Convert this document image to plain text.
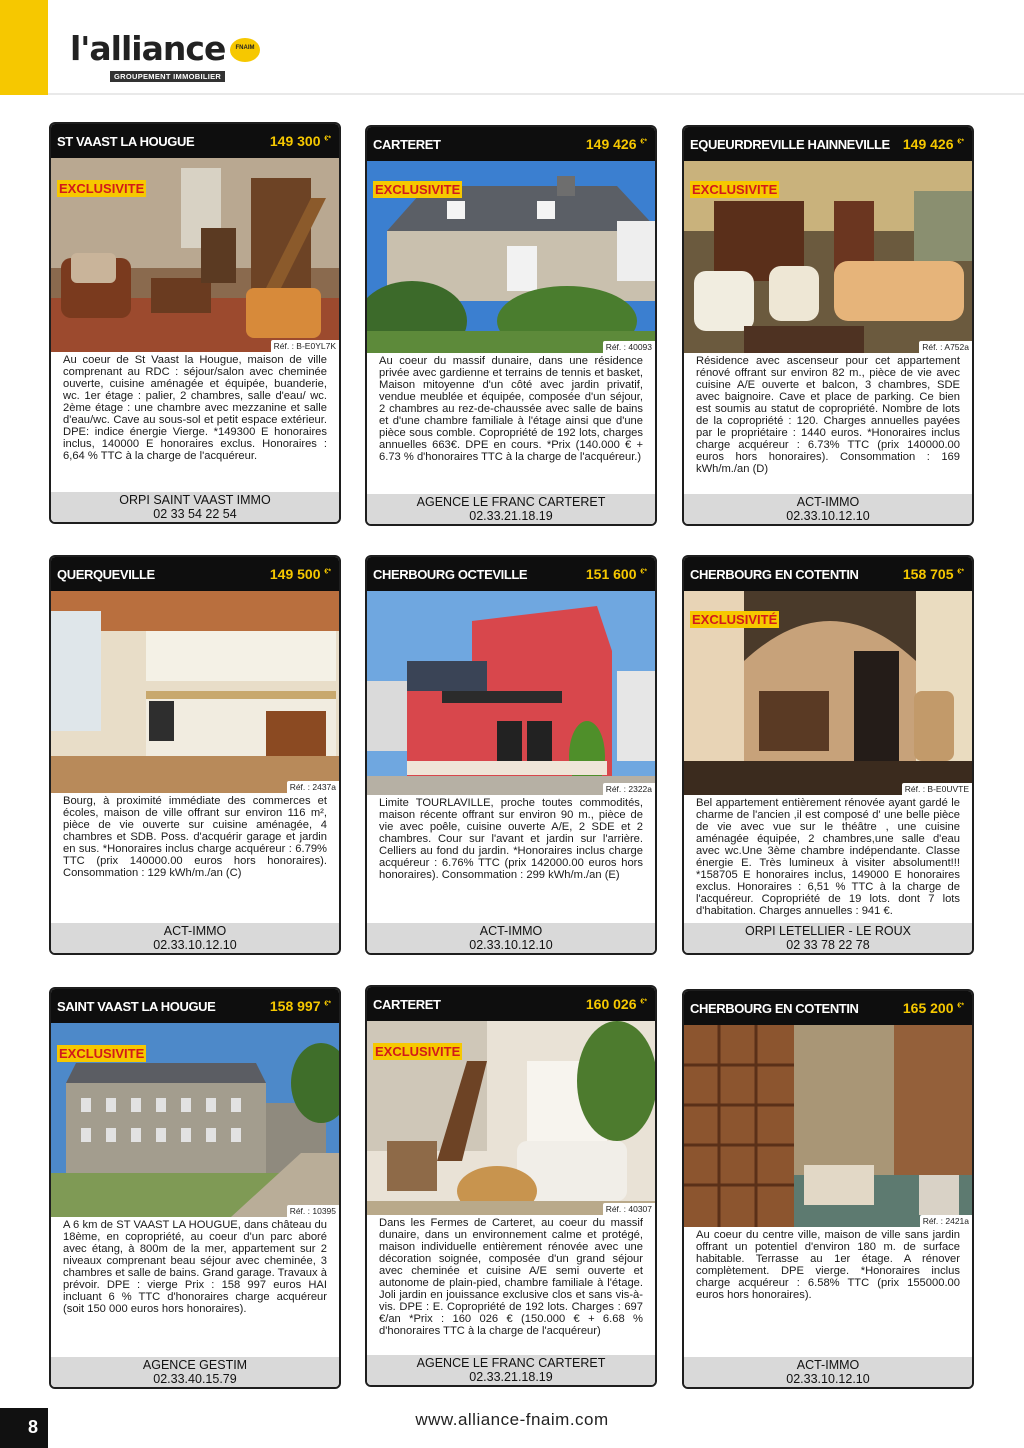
l'alliance	FNAIM
GROUPEMENT IMMOBILIER
ST VAAST LA HOUGUE	149 300 €*
EXCLUSIVITE
Réf. : B-E0YL7K
Au coeur de St Vaast la Hougue, maison de ville comprenant au RDC : séjour/salon avec cheminée ouverte, cuisine aménagée et équipée, buanderie, wc. 1er étage : palier, 2 chambres, salle d'eau/ wc. 2ème étage : une chambre avec mezzanine et salle d'eau/wc. Cave au sous-sol et petit espace extérieur. DPE: indice énergie Vierge. *149300 E honoraires inclus, 140000 E honoraires exclus. Honoraires : 6,64 % TTC à la charge de l'acquéreur.
ORPI SAINT VAAST IMMO
02 33 54 22 54
CARTERET	149 426 €*
EXCLUSIVITE
Réf. : 40093
Au coeur du massif dunaire, dans une résidence privée avec gardienne et terrains de tennis et basket, Maison mitoyenne d'un côté avec jardin privatif, vendue meublée et équipée, composée d'un séjour, 2 chambres au rez-de-chaussée avec salle de bains et d'une chambre familiale à l'étage ainsi que d'une pièce sous comble. Copropriété de 192 lots, charges annuelles 663€. DPE en cours. *Prix (140.000 € + 6.73 % d'honoraires TTC à la charge de l'acquéreur.)
AGENCE LE FRANC CARTERET
02.33.21.18.19
EQUEURDREVILLE HAINNEVILLE 149 426 €*
EXCLUSIVITE
Réf. : A752a
Résidence avec ascenseur pour cet appartement rénové offrant sur environ 82 m., pièce de vie avec cuisine A/E ouverte et balcon, 3 chambres, SDE avec baignoire. Cave et place de parking. Ce bien est soumis au statut de copropriété. Nombre de lots de la copropriété : 120. Charges annuelles payées par le propriétaire : 1440 euros. *Honoraires inclus charge acquéreur : 6.73% TTC (prix 140000.00 euros hors honoraires). Consommation : 169 kWh/m./an (D)
ACT-IMMO
02.33.10.12.10
QUERQUEVILLE	149 500 €*
Réf. : 2437a
Bourg, à proximité immédiate des commerces et écoles, maison de ville offrant sur environ 116 m², pièce de vie ouverte sur cuisine aménagée, 4 chambres et SDB. Poss. d'acquérir garage et jardin en sus. *Honoraires inclus charge acquéreur : 6.79% TTC (prix 140000.00 euros hors honoraires). Consommation : 129 kWh/m./an (C)
ACT-IMMO
02.33.10.12.10
CHERBOURG OCTEVILLE	151 600 €*
Réf. : 2322a
Limite TOURLAVILLE, proche toutes commodités, maison récente offrant sur environ 90 m., pièce de vie avec poêle, cuisine ouverte A/E, 2 SDE et 2 chambres. Cour sur l'avant et jardin sur l'arrière. Celliers au fond du jardin. *Honoraires inclus charge acquéreur : 6.76% TTC (prix 142000.00 euros hors honoraires). Consommation : 299 kWh/m./an (E)
ACT-IMMO
02.33.10.12.10
CHERBOURG EN COTENTIN	158 705 €*
EXCLUSIVITÉ
Réf. : B-E0UVTE
Bel appartement entièrement rénovée ayant gardé le charme de l'ancien ,il est composé d' une belle pièce de vie avec vue sur le théâtre , une cuisine aménagée équipée, 2 chambres,une salle d'eau avec wc.Une 3ème chambre indépendante. Classe énergie E. Très lumineux à visiter absolument!!! *158705 E honoraires inclus, 149000 E honoraires exclus. Honoraires : 6,51 % TTC à la charge de l'acquéreur. Copropriété de 19 lots. dont 7 lots d'habitation. Charges annuelles : 941 €.
ORPI LETELLIER - LE ROUX
02 33 78 22 78
SAINT VAAST LA HOUGUE	158 997 €*
EXCLUSIVITE
Réf. : 10395
A 6 km de ST VAAST LA HOUGUE, dans château du 18ème, en copropriété, au coeur d'un parc aboré avec étang, à 800m de la mer, appartement sur 2 niveaux comprenant beau séjour avec cheminée, 3 chambres et salle de bains. Grand garage. Travaux à prévoir. DPE : vierge Prix : 158 997 euros HAI incluant 6 % TTC d'honoraires charge acquéreur (soit 150 000 euros hors honoraires).
AGENCE GESTIM
02.33.40.15.79
CARTERET	160 026 €*
EXCLUSIVITE
Réf. : 40307
Dans les Fermes de Carteret, au coeur du massif dunaire, dans un environnement calme et protégé, maison individuelle entièrement rénovée avec une décoration soignée, composée d'un grand séjour avec cheminée et cuisine A/E semi ouverte et autonome de plain-pied, chambre familiale à l'étage. Joli jardin en jouissance exclusive clos et sans vis-à-vis. DPE : E. Copropriété de 192 lots. Charges : 697 €/an *Prix : 160 026 € (150.000 € + 6.68 % d'honoraires TTC à la charge de l'acquéreur)
AGENCE LE FRANC CARTERET
02.33.21.18.19
CHERBOURG EN COTENTIN	165 200 €*
Réf. : 2421a
Au coeur du centre ville, maison de ville sans jardin offrant un potentiel d'environ 180 m. de surface habitable. Terrasse au 1er étage. A rénover complètement. DPE vierge. *Honoraires inclus charge acquéreur : 6.58% TTC (prix 155000.00 euros hors honoraires).
ACT-IMMO
02.33.10.12.10
8	www.alliance-fnaim.com
